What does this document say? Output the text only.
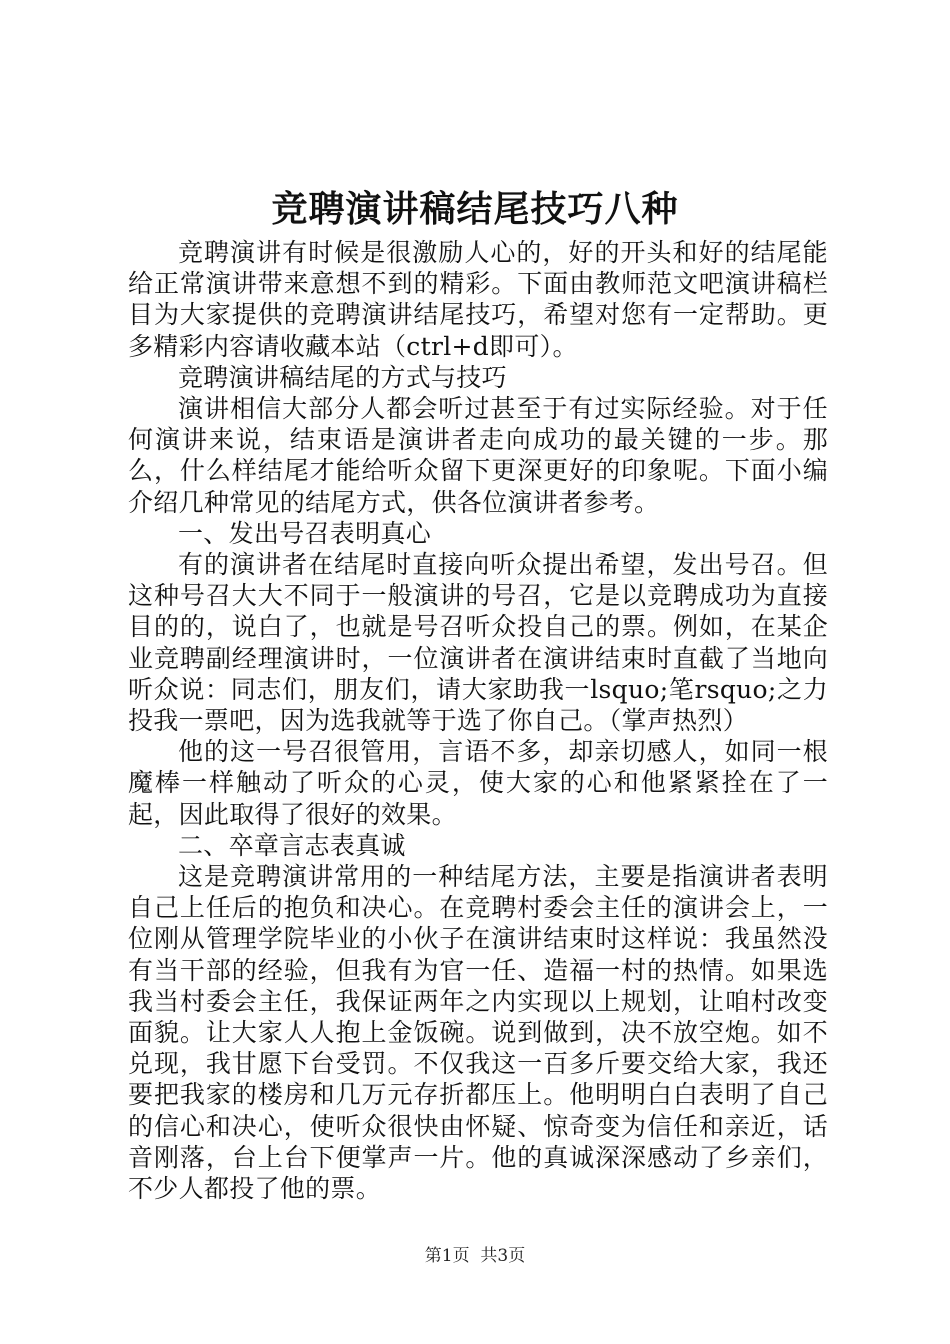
竞聘演讲稿结尾技巧八种

竞聘演讲有时候是很激励人心的，好的开头和好的结尾能给正常演讲带来意想不到的精彩。下面由教师范文吧演讲稿栏目为大家提供的竞聘演讲结尾技巧，希望对您有一定帮助。更多精彩内容请收藏本站（ctrl+d即可）。

竞聘演讲稿结尾的方式与技巧

演讲相信大部分人都会听过甚至于有过实际经验。对于任何演讲来说，结束语是演讲者走向成功的最关键的一步。那么，什么样结尾才能给听众留下更深更好的印象呢。下面小编介绍几种常见的结尾方式，供各位演讲者参考。

一、发出号召表明真心

有的演讲者在结尾时直接向听众提出希望，发出号召。但这种号召大大不同于一般演讲的号召，它是以竞聘成功为直接目的的，说白了，也就是号召听众投自己的票。例如，在某企业竞聘副经理演讲时，一位演讲者在演讲结束时直截了当地向听众说：同志们，朋友们，请大家助我一lsquo;笔rsquo;之力投我一票吧，因为选我就等于选了你自己。（掌声热烈）

他的这一号召很管用，言语不多，却亲切感人，如同一根魔棒一样触动了听众的心灵，使大家的心和他紧紧拴在了一起，因此取得了很好的效果。

二、卒章言志表真诚

这是竞聘演讲常用的一种结尾方法，主要是指演讲者表明自己上任后的抱负和决心。在竞聘村委会主任的演讲会上，一位刚从管理学院毕业的小伙子在演讲结束时这样说：我虽然没有当干部的经验，但我有为官一任、造福一村的热情。如果选我当村委会主任，我保证两年之内实现以上规划，让咱村改变面貌。让大家人人抱上金饭碗。说到做到，决不放空炮。如不兑现，我甘愿下台受罚。不仅我这一百多斤要交给大家，我还要把我家的楼房和几万元存折都压上。他明明白白表明了自己的信心和决心，使听众很快由怀疑、惊奇变为信任和亲近，话音刚落，台上台下便掌声一片。他的真诚深深感动了乡亲们，不少人都投了他的票。

第1页 共3页
